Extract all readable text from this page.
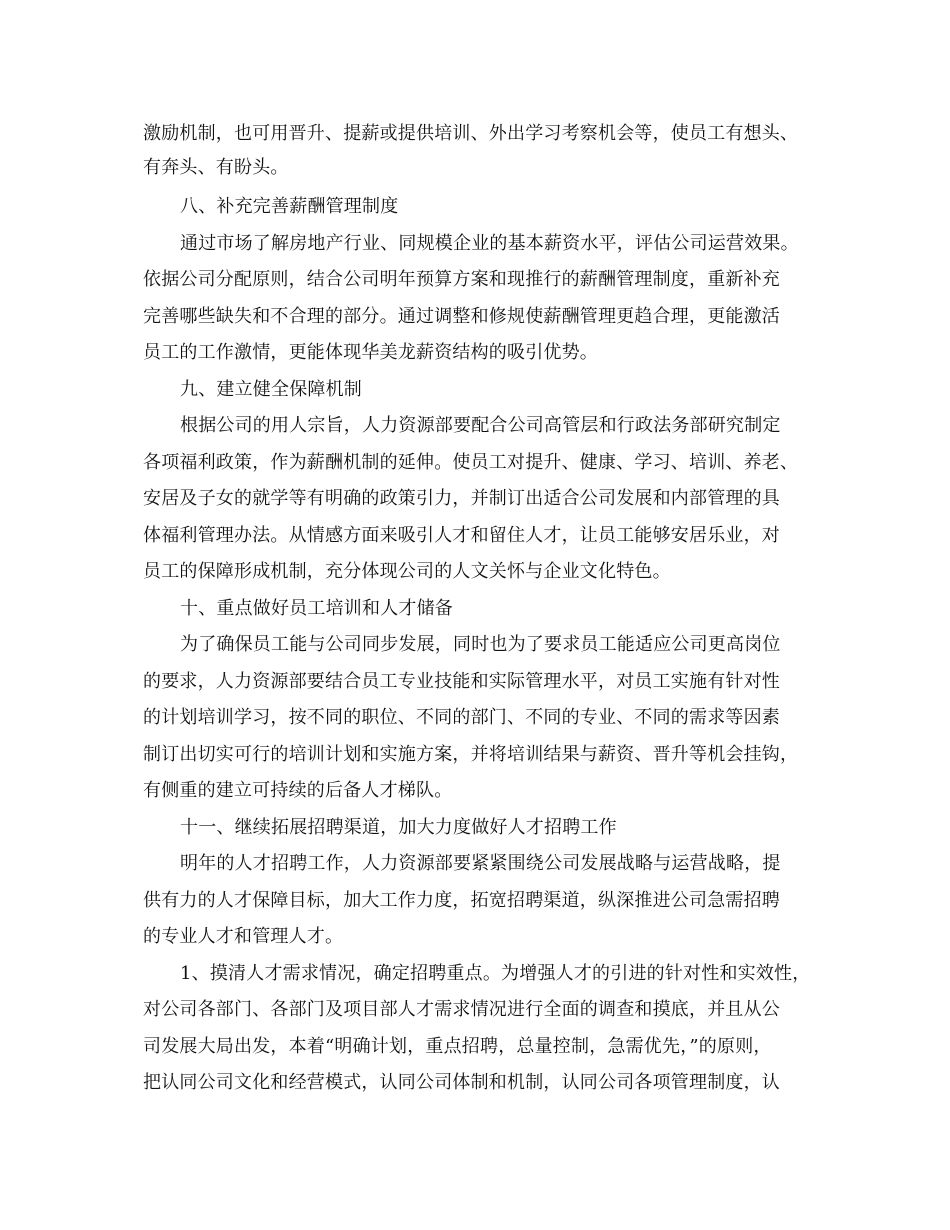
激励机制，也可用晋升、提薪或提供培训、外出学习考察机会等，使员工有想头、
有奔头、有盼头。
八、补充完善薪酬管理制度
通过市场了解房地产行业、同规模企业的基本薪资水平，评估公司运营效果。
依据公司分配原则，结合公司明年预算方案和现推行的薪酬管理制度，重新补充
完善哪些缺失和不合理的部分。通过调整和修规使薪酬管理更趋合理，更能激活
员工的工作激情，更能体现华美龙薪资结构的吸引优势。
九、建立健全保障机制
根据公司的用人宗旨，人力资源部要配合公司高管层和行政法务部研究制定
各项福利政策，作为薪酬机制的延伸。使员工对提升、健康、学习、培训、养老、
安居及子女的就学等有明确的政策引力，并制订出适合公司发展和内部管理的具
体福利管理办法。从情感方面来吸引人才和留住人才，让员工能够安居乐业，对
员工的保障形成机制，充分体现公司的人文关怀与企业文化特色。
十、重点做好员工培训和人才储备
为了确保员工能与公司同步发展，同时也为了要求员工能适应公司更高岗位
的要求，人力资源部要结合员工专业技能和实际管理水平，对员工实施有针对性
的计划培训学习，按不同的职位、不同的部门、不同的专业、不同的需求等因素
制订出切实可行的培训计划和实施方案，并将培训结果与薪资、晋升等机会挂钩，
有侧重的建立可持续的后备人才梯队。
十一、继续拓展招聘渠道，加大力度做好人才招聘工作
明年的人才招聘工作，人力资源部要紧紧围绕公司发展战略与运营战略，提
供有力的人才保障目标，加大工作力度，拓宽招聘渠道，纵深推进公司急需招聘
的专业人才和管理人才。
1、摸清人才需求情况，确定招聘重点。为增强人才的引进的针对性和实效性，
对公司各部门、各部门及项目部人才需求情况进行全面的调查和摸底，并且从公
司发展大局出发，本着“明确计划，重点招聘，总量控制，急需优先，”的原则，
把认同公司文化和经营模式，认同公司体制和机制，认同公司各项管理制度，认
